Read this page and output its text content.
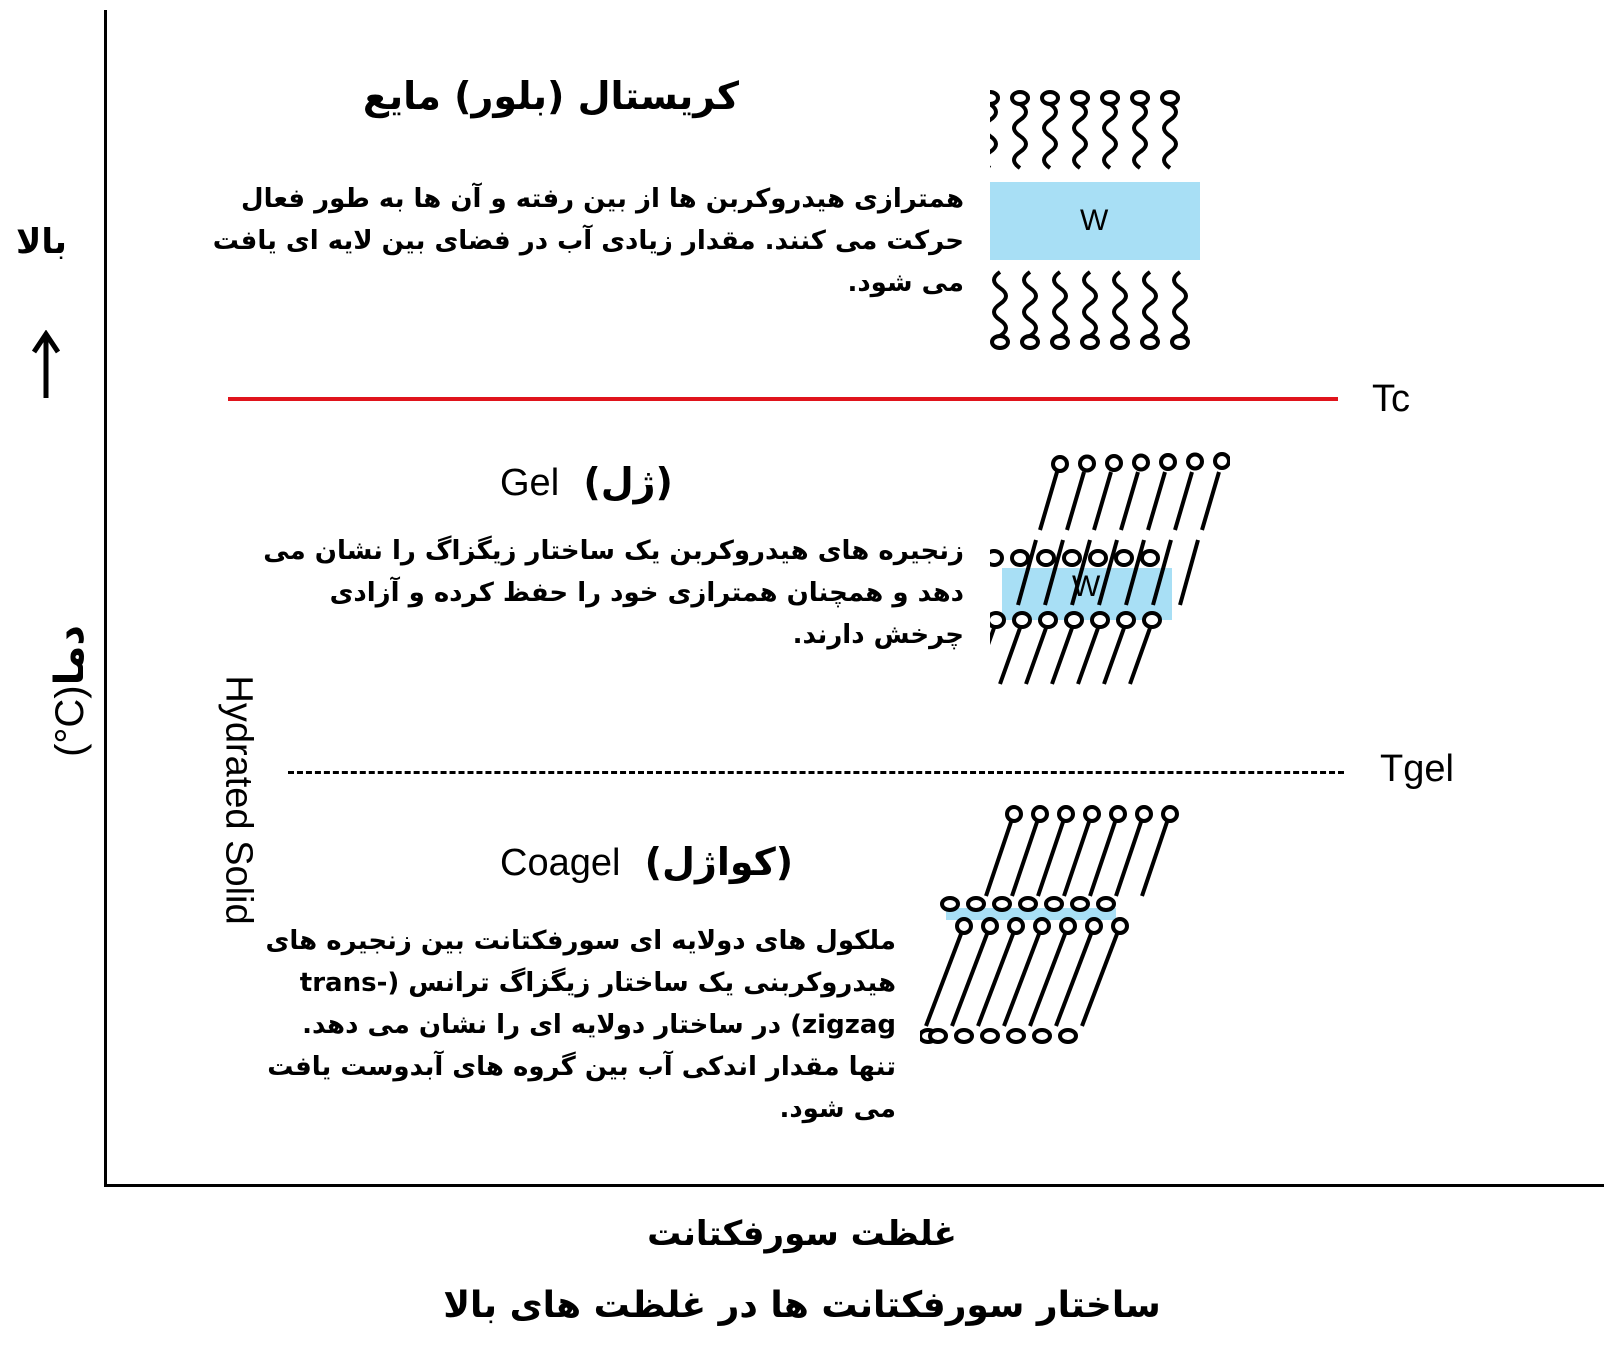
بالا
دما(°C)	Hydrated Solid
Tc
Tgel
کریستال (بلور) مایع
همترازی هیدروکربن ها از بین رفته و آن ها به طور فعال حرکت می کنند. مقدار زیادی آب در فضای بین لایه ای یافت می شود.
Gel (ژل)
زنجیره های هیدروکربن یک ساختار زیگزاگ را نشان می دهد و همچنان همترازی خود را حفظ کرده و آزادی چرخش دارند.
Coagel (کواژل)
ملکول های دولایه ای سورفکتانت بین زنجیره های هیدروکربنی یک ساختار زیگزاگ ترانس (trans-zigzag) در ساختار دولایه ای را نشان می دهد. تنها مقدار اندکی آب بین گروه های آبدوست یافت می شود.
W
W
غلظت سورفکتانت
ساختار سورفکتانت ها در غلظت های بالا
